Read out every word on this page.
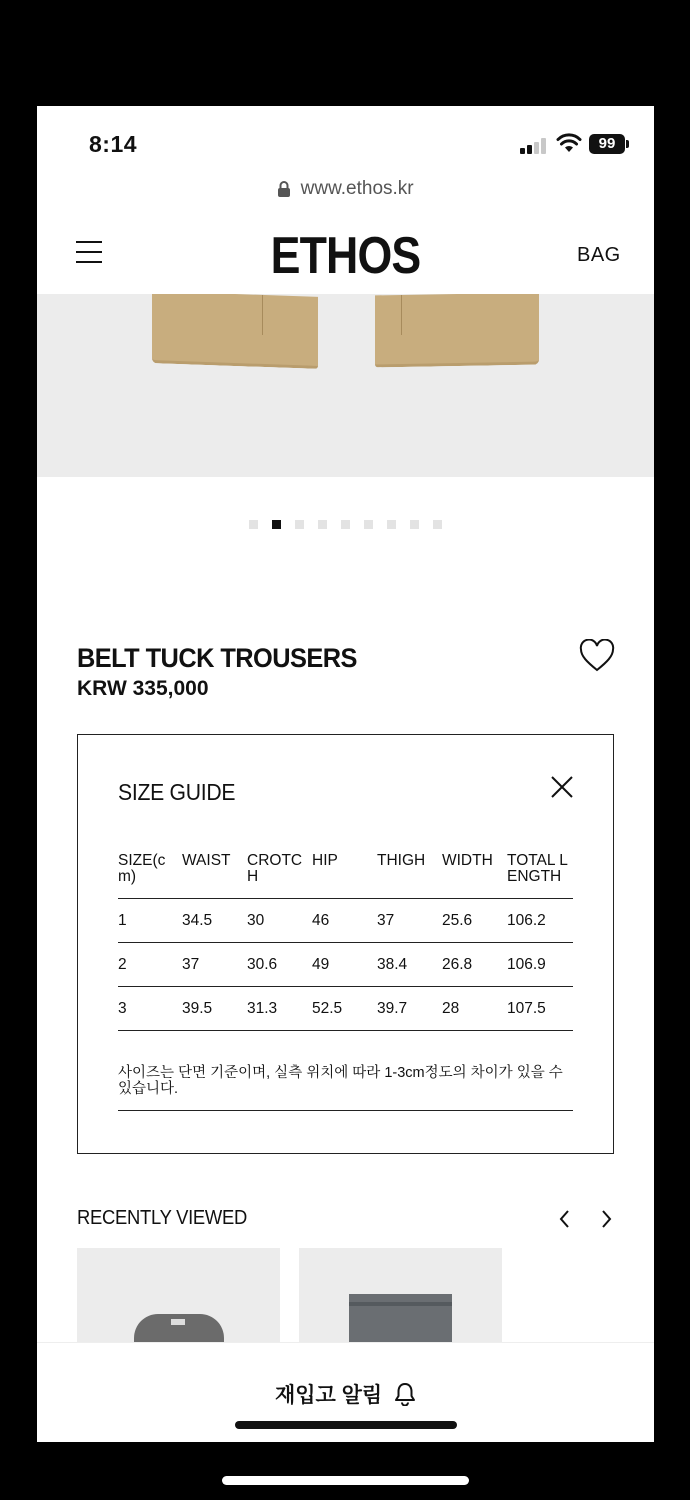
8:14	99
www.ethos.kr
ETHOS	BAG
BELT TUCK TROUSERS
KRW 335,000
SIZE GUIDE
SIZE(cm)	WAIST	CROTCH	HIP	THIGH	WIDTH	TOTAL LENGTH
1	34.5	30	46	37	25.6	106.2
2	37	30.6	49	38.4	26.8	106.9
3	39.5	31.3	52.5	39.7	28	107.5
사이즈는 단면 기준이며, 실측 위치에 따라 1-3cm정도의 차이가 있을 수 있습니다.
RECENTLY VIEWED
재입고 알림
